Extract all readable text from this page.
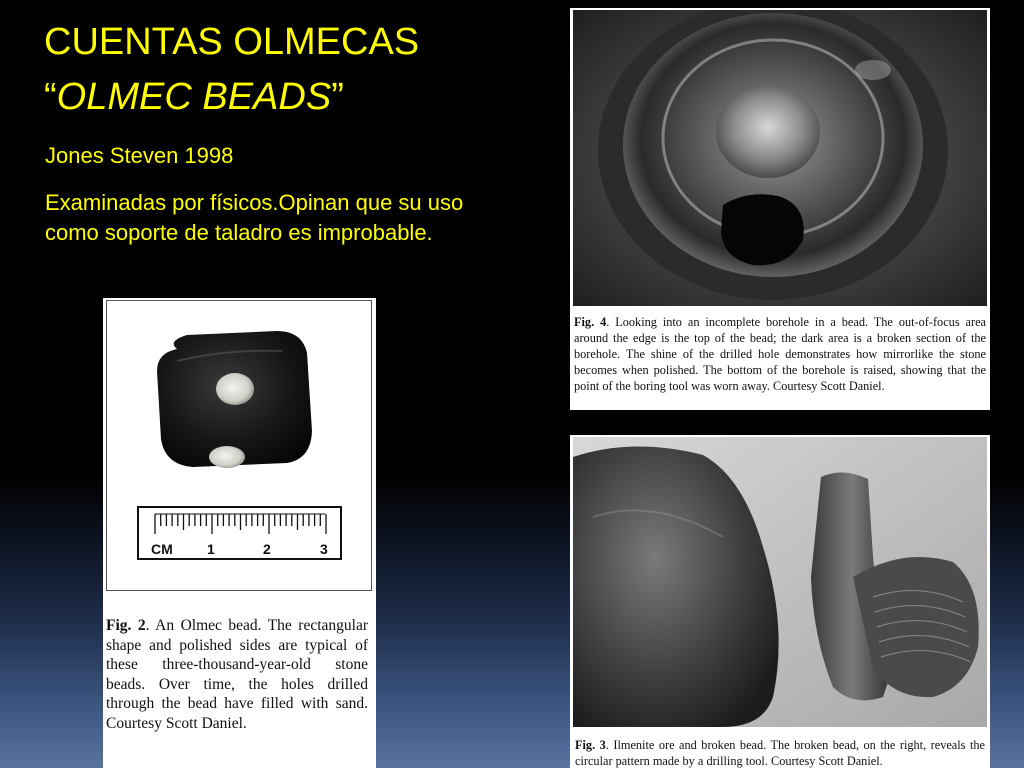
CUENTAS OLMECAS
“OLMEC BEADS”
Jones Steven 1998
Examinadas por físicos.Opinan que su uso como soporte de taladro es improbable.
CM 1	2	3
Fig. 2. An Olmec bead. The rectangular shape and polished sides are typical of these three-thousand-year-old stone beads. Over time, the holes drilled through the bead have filled with sand. Courtesy Scott Daniel.
Fig. 4. Looking into an incomplete borehole in a bead. The out-of-focus area around the edge is the top of the bead; the dark area is a broken section of the borehole. The shine of the drilled hole demonstrates how mirrorlike the stone becomes when polished. The bottom of the borehole is raised, showing that the point of the boring tool was worn away. Courtesy Scott Daniel.
Fig. 3. Ilmenite ore and broken bead. The broken bead, on the right, reveals the circular pattern made by a drilling tool. Courtesy Scott Daniel.
